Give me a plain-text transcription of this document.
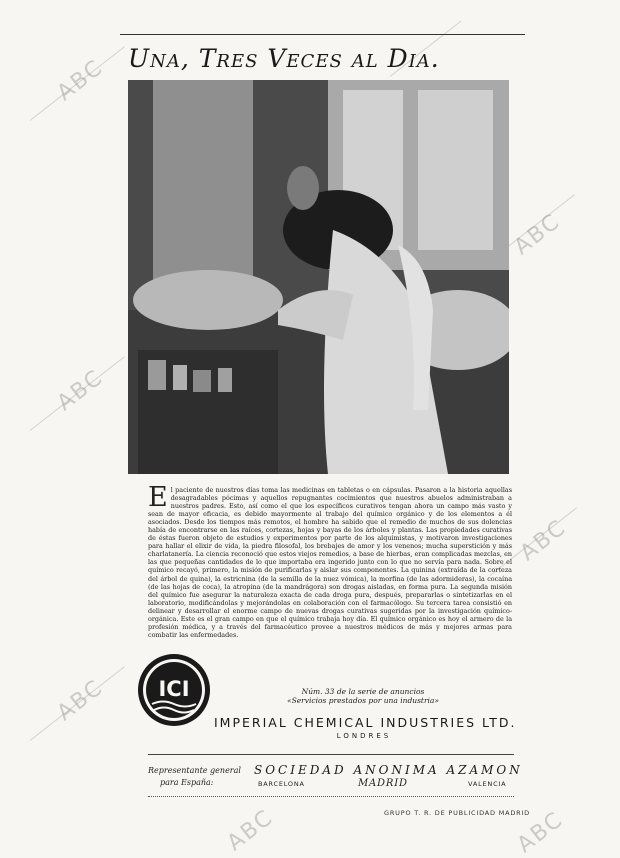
ABC
ABC
ABC
ABC
ABC
ABC	ABC
Una, Tres Veces al Dia.
E l paciente de nuestros días toma las medicinas en tabletas o en cápsulas. Pasaron a la historia aquellas desagradables pócimas y aquellos repugnantes cocimientos que nuestros abuelos administraban a nuestros padres. Esto, así como el que los específicos curativos tengan ahora un campo más vasto y sean de mayor eficacia, es debido mayormente al trabajo del químico orgánico y de los elementos a él asociados. Desde los tiempos más remotos, el hombre ha sabido que el remedio de muchos de sus dolencias había de encontrarse en las raíces, cortezas, hojas y bayas de los árboles y plantas. Las propiedades curativas de éstas fueron objeto de estudios y experimentos por parte de los alquimistas, y motivaron investigaciones para hallar el elixir de vida, la piedra filosofal, los brebajes de amor y los venenos; mucha superstición y más charlatanería. La ciencia reconoció que estos viejos remedios, a base de hierbas, eran complicadas mezclas, en las que pequeñas cantidades de lo que importaba era ingerido junto con lo que no servía para nada. Sobre el químico recayó, primero, la misión de purificarlas y aislar sus componentes. La quinina (extraída de la corteza del árbol de quina), la estricnina (de la semilla de la nuez vómica), la morfina (de las adormideras), la cocaína (de las hojas de coca), la atropina (de la mandrágora) son drogas aisladas, en forma pura. La segunda misión del químico fue asegurar la naturaleza exacta de cada droga pura, después, prepararlas o sintetizarlas en el laboratorio, modificándolas y mejorándolas en colaboración con el farmacólogo. Su tercera tarea consistió en delinear y desarrollar el enorme campo de nuevas drogas curativas sugeridas por la investigación químico-orgánica. Este es el gran campo en que el químico trabaja hoy día. El químico orgánico es hoy el armero de la profesión médica, y a través del farmacéutico provee a nuestros médicos de más y mejores armas para combatir las enfermedades.
ICI	Núm. 33 de la serie de anuncios
«Servicios prestados por una industria»
IMPERIAL CHEMICAL INDUSTRIES LTD.
LONDRES
Representante general
para España:
SOCIEDAD ANONIMA AZAMON
BARCELONA	MADRID	VALENCIA
GRUPO T. R. DE PUBLICIDAD MADRID
